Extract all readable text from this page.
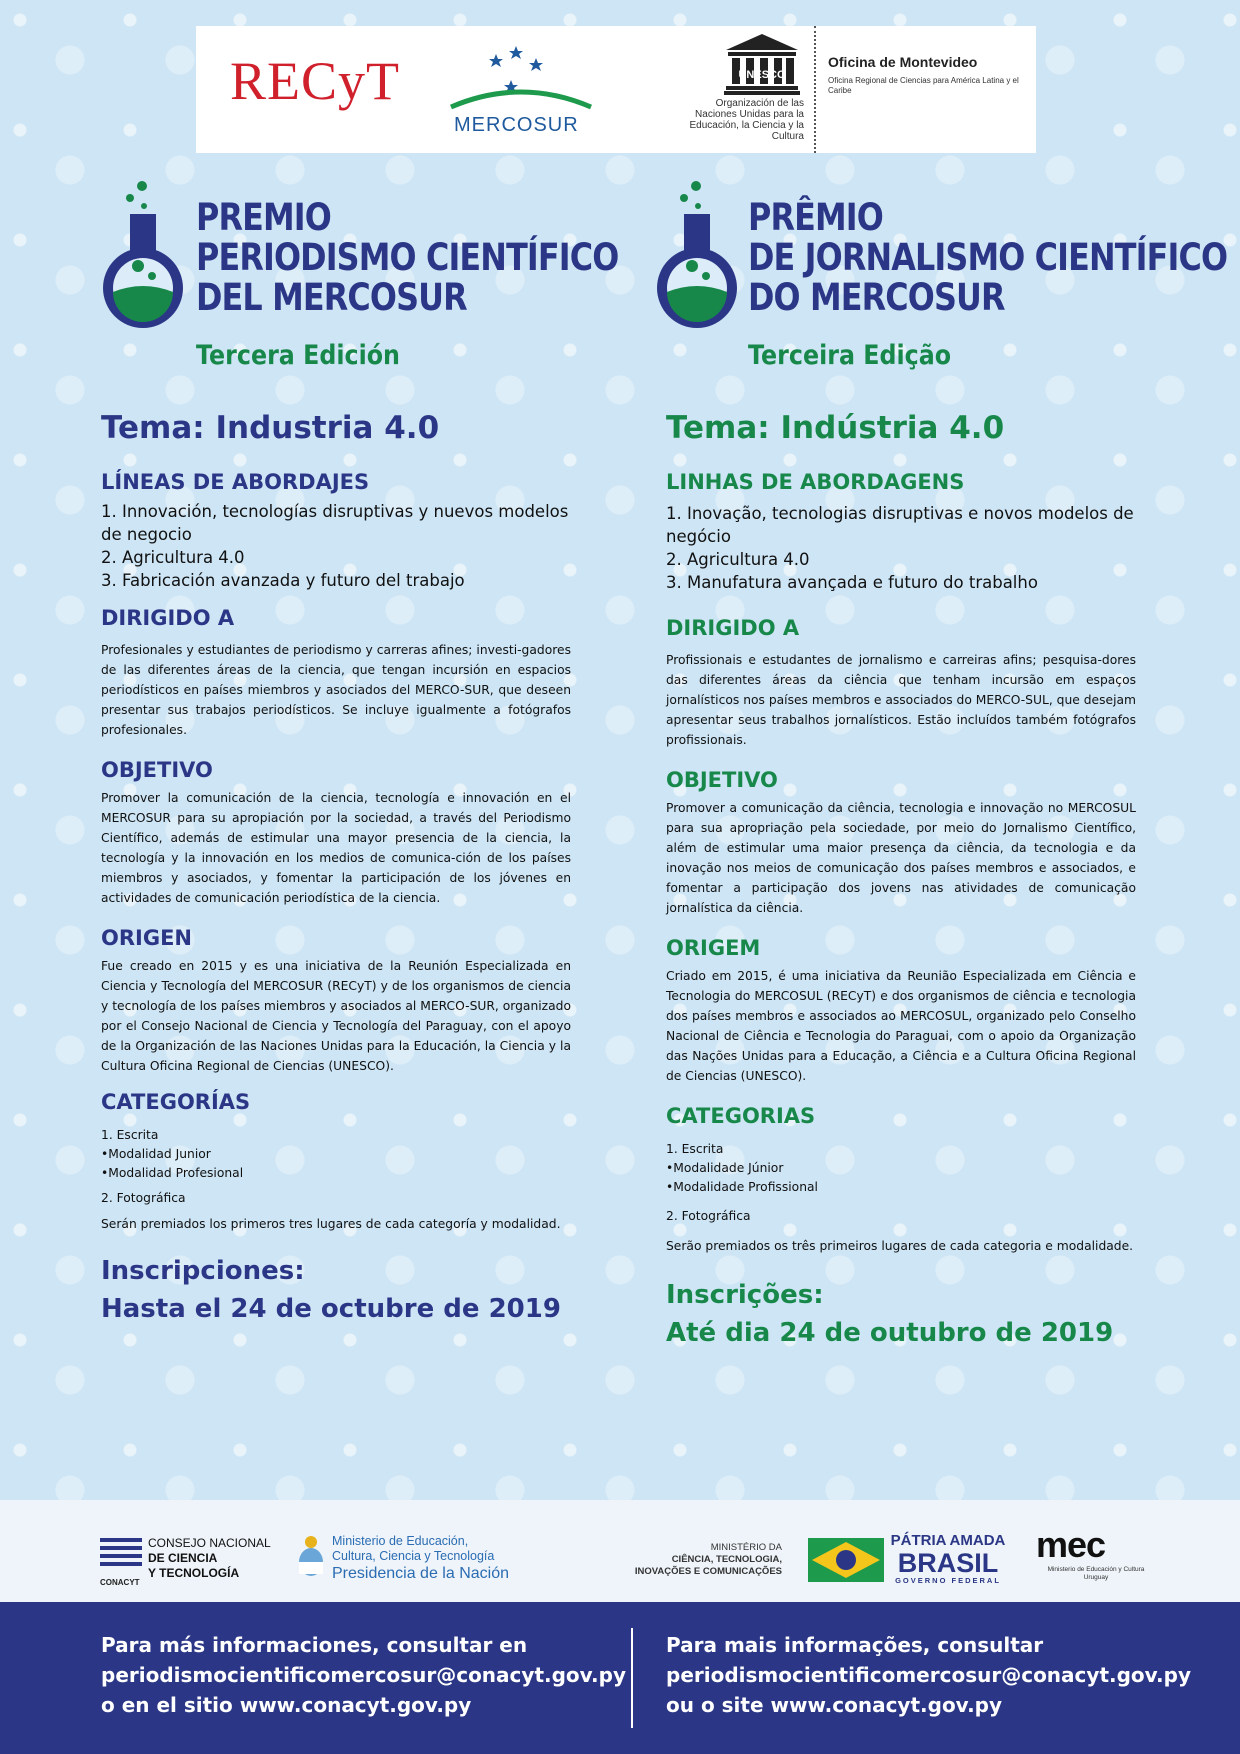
RECyT
MERCOSUR
UNESCO
Organización de las Naciones Unidas para la Educación, la Ciencia y la Cultura
Oficina de Montevideo
Oficina Regional de Ciencias para América Latina y el Caribe
PREMIO
PERIODISMO CIENTÍFICO
DEL MERCOSUR
Tercera Edición
PRÊMIO
DE JORNALISMO CIENTÍFICO
DO MERCOSUR
Terceira Edição
Tema: Industria 4.0
LÍNEAS DE ABORDAJES
1. Innovación, tecnologías disruptivas y nuevos modelos de negocio
2. Agricultura 4.0
3. Fabricación avanzada y futuro del trabajo
DIRIGIDO A
Profesionales y estudiantes de periodismo y carreras afines; investi-gadores de las diferentes áreas de la ciencia, que tengan incursión en espacios periodísticos en países miembros y asociados del MERCO-SUR, que deseen presentar sus trabajos periodísticos. Se incluye igualmente a fotógrafos profesionales.
OBJETIVO
Promover la comunicación de la ciencia, tecnología e innovación en el MERCOSUR para su apropiación por la sociedad, a través del Periodismo Científico, además de estimular una mayor presencia de la ciencia, la tecnología y la innovación en los medios de comunica-ción de los países miembros y asociados, y fomentar la participación de los jóvenes en actividades de comunicación periodística de la ciencia.
ORIGEN
Fue creado en 2015 y es una iniciativa de la Reunión Especializada en Ciencia y Tecnología del MERCOSUR (RECyT) y de los organismos de ciencia y tecnología de los países miembros y asociados al MERCO-SUR, organizado por el Consejo Nacional de Ciencia y Tecnología del Paraguay, con el apoyo de la Organización de las Naciones Unidas para la Educación, la Ciencia y la Cultura Oficina Regional de Ciencias (UNESCO).
CATEGORÍAS
1. Escrita
•Modalidad Junior
•Modalidad Profesional
2. Fotográfica
Serán premiados los primeros tres lugares de cada categoría y modalidad.
Inscripciones:
Hasta el 24 de octubre de 2019
Tema: Indústria 4.0
LINHAS DE ABORDAGENS
1. Inovação, tecnologias disruptivas e novos modelos de negócio
2. Agricultura 4.0
3. Manufatura avançada e futuro do trabalho
DIRIGIDO A
Profissionais e estudantes de jornalismo e carreiras afins; pesquisa-dores das diferentes áreas da ciência que tenham incursão em espaços jornalísticos nos países membros e associados do MERCO-SUL, que desejam apresentar seus trabalhos jornalísticos. Estão incluídos também fotógrafos profissionais.
OBJETIVO
Promover a comunicação da ciência, tecnologia e innovação no MERCOSUL para sua apropriação pela sociedade, por meio do Jornalismo Científico, além de estimular uma maior presença da ciência, da tecnologia e da inovação nos meios de comunicação dos países membros e associados, e fomentar a participação dos jovens nas atividades de comunicação jornalística da ciência.
ORIGEM
Criado em 2015, é uma iniciativa da Reunião Especializada em Ciência e Tecnologia do MERCOSUL (RECyT) e dos organismos de ciência e tecnologia dos países membros e associados ao MERCOSUL, organizado pelo Conselho Nacional de Ciência e Tecnologia do Paraguai, com o apoio da Organização das Nações Unidas para a Educação, a Ciência e a Cultura Oficina Regional de Ciencias (UNESCO).
CATEGORIAS
1. Escrita
•Modalidade Júnior
•Modalidade Profissional
2. Fotográfica
Serão premiados os três primeiros lugares de cada categoria e modalidade.
Inscrições:
Até dia 24 de outubro de 2019
CONACYT
CONSEJO NACIONAL
DE CIENCIA
Y TECNOLOGÍA
Ministerio de Educación,
Cultura, Ciencia y Tecnología
Presidencia de la Nación
MINISTÉRIO DA
CIÊNCIA, TECNOLOGIA,
INOVAÇÕES E COMUNICAÇÕES
PÁTRIA AMADA
BRASIL
GOVERNO FEDERAL
mec
Ministerio de Educación y Cultura
Uruguay
Para más informaciones, consultar en
periodismocientificomercosur@conacyt.gov.py
o en el sitio www.conacyt.gov.py
Para mais informações, consultar
periodismocientificomercosur@conacyt.gov.py
ou o site www.conacyt.gov.py
